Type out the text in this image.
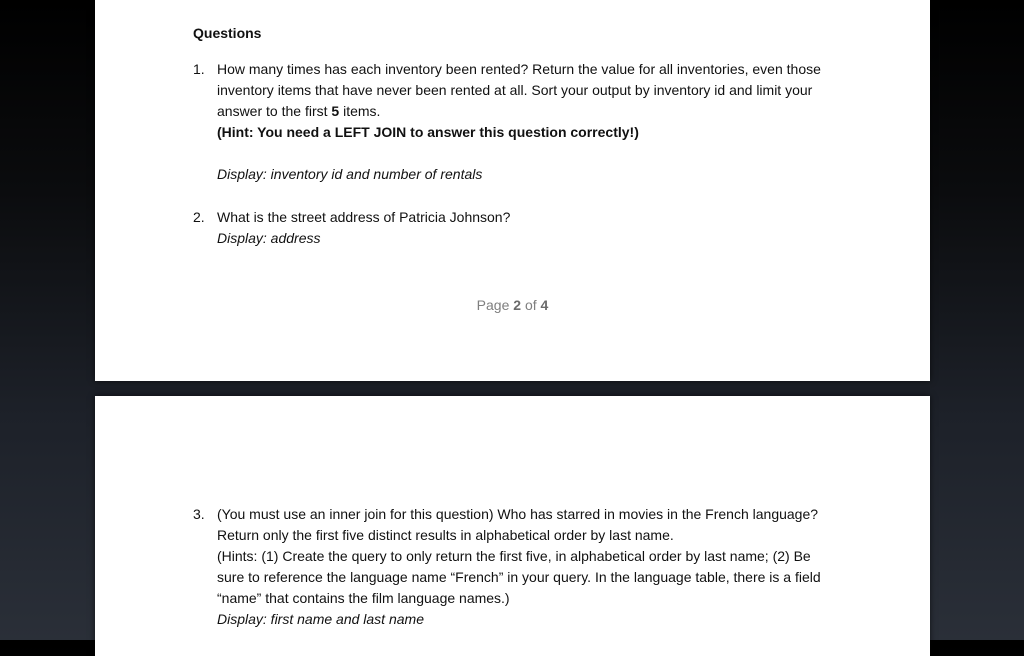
Questions
1. How many times has each inventory been rented? Return the value for all inventories, even those inventory items that have never been rented at all. Sort your output by inventory id and limit your answer to the first 5 items.

(Hint: You need a LEFT JOIN to answer this question correctly!)

Display: inventory id and number of rentals

2. What is the street address of Patricia Johnson?

Display: address

Page 2 of 4
3. (You must use an inner join for this question) Who has starred in movies in the French language? Return only the first five distinct results in alphabetical order by last name.

(Hints: (1) Create the query to only return the first five, in alphabetical order by last name; (2) Be sure to reference the language name “French” in your query. In the language table, there is a field “name” that contains the film language names.)

Display: first name and last name
